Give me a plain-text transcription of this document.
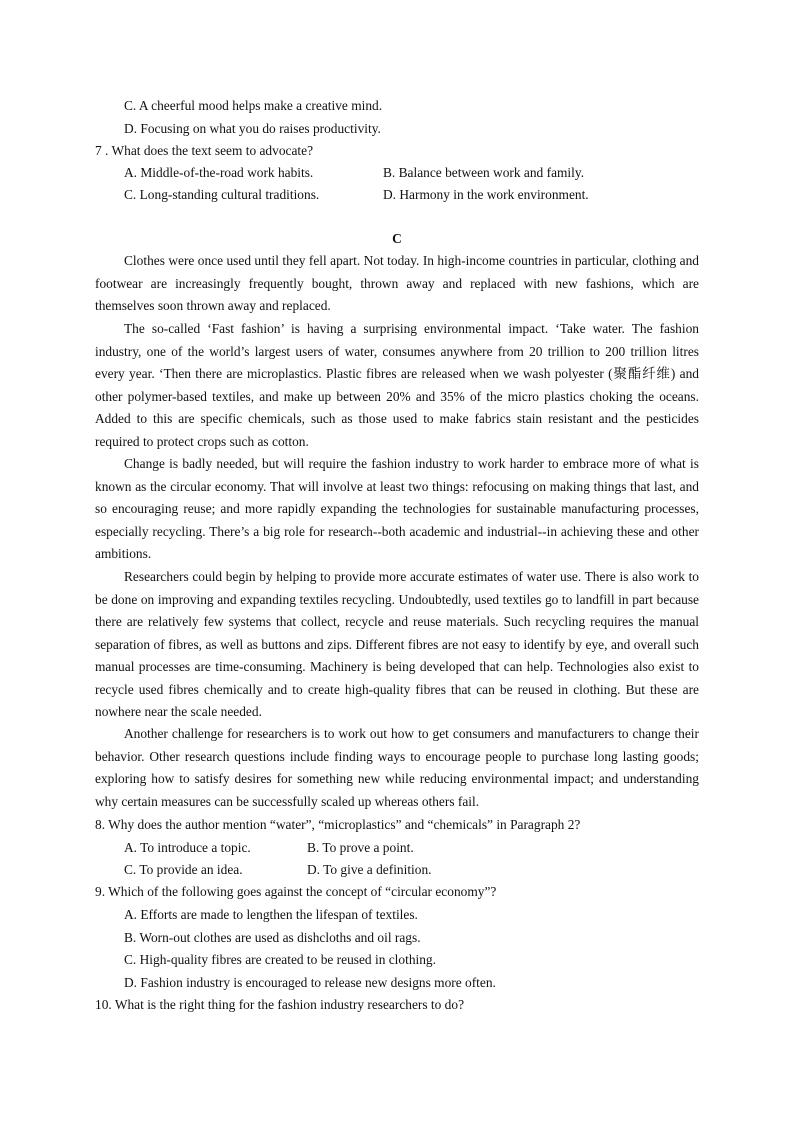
C. A cheerful mood helps make a creative mind.
D. Focusing on what you do raises productivity.
7 . What does the text seem to advocate?
A. Middle-of-the-road work habits.	B. Balance between work and family.
C. Long-standing cultural traditions.	D. Harmony in the work environment.
C
Clothes were once used until they fell apart. Not today. In high-income countries in particular, clothing and footwear are increasingly frequently bought, thrown away and replaced with new fashions, which are themselves soon thrown away and replaced.
The so-called ‘Fast fashion’ is having a surprising environmental impact. ‘Take water. The fashion industry, one of the world’s largest users of water, consumes anywhere from 20 trillion to 200 trillion litres every year. ‘Then there are microplastics. Plastic fibres are released when we wash polyester (聚酯纤维) and other polymer-based textiles, and make up between 20% and 35% of the micro plastics choking the oceans. Added to this are specific chemicals, such as those used to make fabrics stain resistant and the pesticides required to protect crops such as cotton.
Change is badly needed, but will require the fashion industry to work harder to embrace more of what is known as the circular economy. That will involve at least two things: refocusing on making things that last, and so encouraging reuse; and more rapidly expanding the technologies for sustainable manufacturing processes, especially recycling. There’s a big role for research--both academic and industrial--in achieving these and other ambitions.
Researchers could begin by helping to provide more accurate estimates of water use. There is also work to be done on improving and expanding textiles recycling. Undoubtedly, used textiles go to landfill in part because there are relatively few systems that collect, recycle and reuse materials. Such recycling requires the manual separation of fibres, as well as buttons and zips. Different fibres are not easy to identify by eye, and overall such manual processes are time-consuming. Machinery is being developed that can help. Technologies also exist to recycle used fibres chemically and to create high-quality fibres that can be reused in clothing. But these are nowhere near the scale needed.
Another challenge for researchers is to work out how to get consumers and manufacturers to change their behavior. Other research questions include finding ways to encourage people to purchase long lasting goods; exploring how to satisfy desires for something new while reducing environmental impact; and understanding why certain measures can be successfully scaled up whereas others fail.
8. Why does the author mention “water”, “microplastics” and “chemicals” in Paragraph 2?
A. To introduce a topic.	B. To prove a point.
C. To provide an idea.	D. To give a definition.
9. Which of the following goes against the concept of “circular economy”?
A. Efforts are made to lengthen the lifespan of textiles.
B. Worn-out clothes are used as dishcloths and oil rags.
C. High-quality fibres are created to be reused in clothing.
D. Fashion industry is encouraged to release new designs more often.
10. What is the right thing for the fashion industry researchers to do?
